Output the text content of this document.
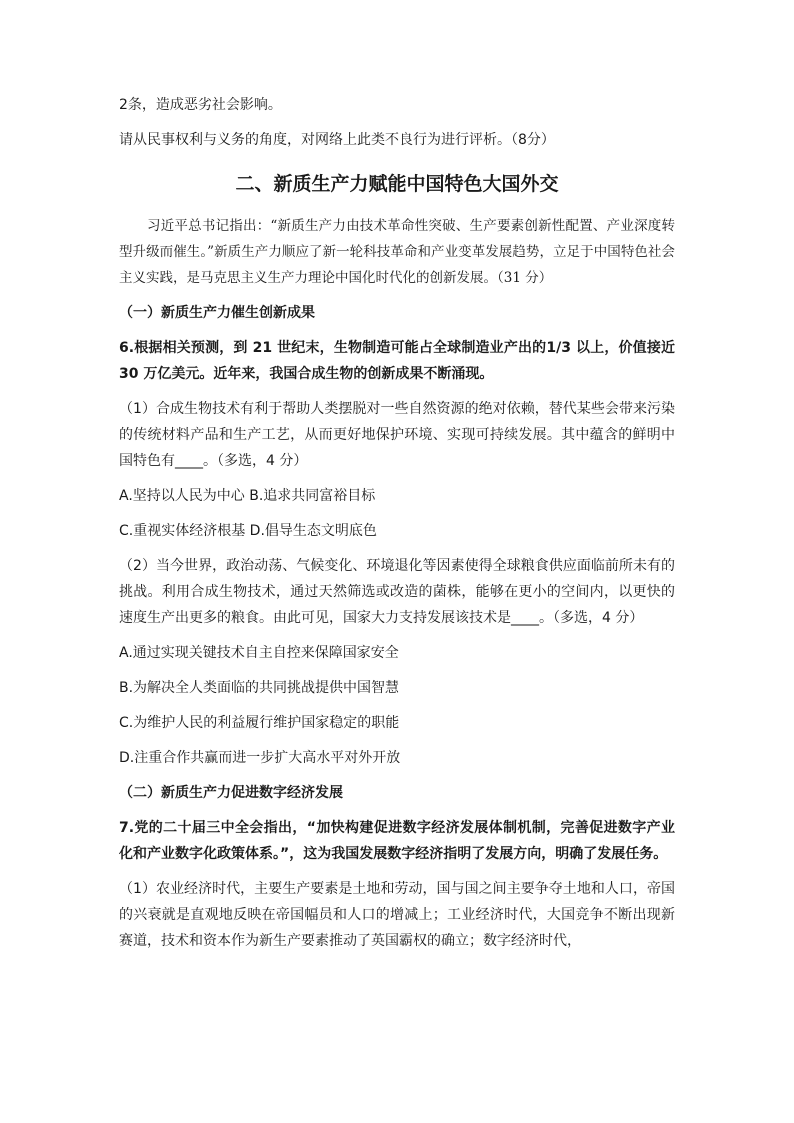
2条，造成恶劣社会影响。

请从民事权利与义务的角度，对网络上此类不良行为进行评析。（8分）

二、新质生产力赋能中国特色大国外交

习近平总书记指出：“新质生产力由技术革命性突破、生产要素创新性配置、产业深度转型升级而催生。”新质生产力顺应了新一轮科技革命和产业变革发展趋势，立足于中国特色社会主义实践，是马克思主义生产力理论中国化时代化的创新发展。（31 分）

（一）新质生产力催生创新成果

6.根据相关预测，到 21 世纪末，生物制造可能占全球制造业产出的1/3 以上，价值接近 30 万亿美元。近年来，我国合成生物的创新成果不断涌现。

（1）合成生物技术有利于帮助人类摆脱对一些自然资源的绝对依赖，替代某些会带来污染的传统材料产品和生产工艺，从而更好地保护环境、实现可持续发展。其中蕴含的鲜明中国特色有____。（多选，4 分）

A.坚持以人民为中心 B.追求共同富裕目标

C.重视实体经济根基 D.倡导生态文明底色

（2）当今世界，政治动荡、气候变化、环境退化等因素使得全球粮食供应面临前所未有的挑战。利用合成生物技术，通过天然筛选或改造的菌株，能够在更小的空间内，以更快的速度生产出更多的粮食。由此可见，国家大力支持发展该技术是____。（多选，4 分）

A.通过实现关键技术自主自控来保障国家安全

B.为解决全人类面临的共同挑战提供中国智慧

C.为维护人民的利益履行维护国家稳定的职能

D.注重合作共赢而进一步扩大高水平对外开放

（二）新质生产力促进数字经济发展

7.党的二十届三中全会指出，“加快构建促进数字经济发展体制机制，完善促进数字产业化和产业数字化政策体系。”，这为我国发展数字经济指明了发展方向，明确了发展任务。

（1）农业经济时代，主要生产要素是土地和劳动，国与国之间主要争夺土地和人口，帝国的兴衰就是直观地反映在帝国幅员和人口的增减上；工业经济时代，大国竞争不断出现新赛道，技术和资本作为新生产要素推动了英国霸权的确立；数字经济时代，
